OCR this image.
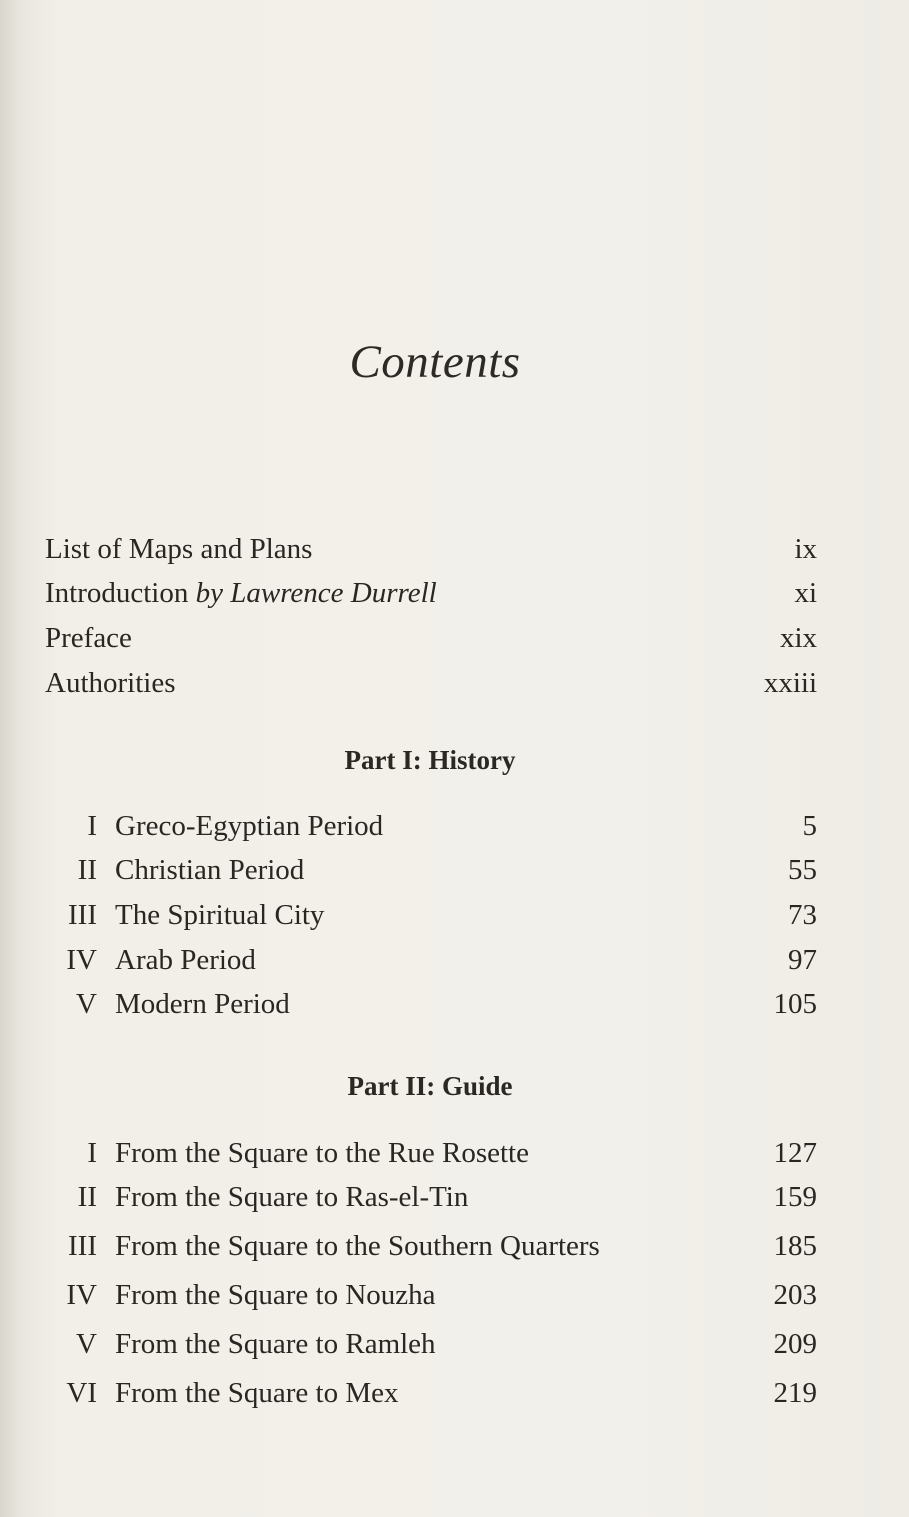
Contents
List of Maps and Plans	ix
Introduction by Lawrence Durrell	xi
Preface	xix
Authorities	xxiii
Part I: History
I Greco-Egyptian Period	5
II Christian Period	55
III The Spiritual City	73
IV Arab Period	97
V Modern Period	105
Part II: Guide
I From the Square to the Rue Rosette	127
II From the Square to Ras-el-Tin	159
III From the Square to the Southern Quarters	185
IV From the Square to Nouzha	203
V From the Square to Ramleh	209
VI From the Square to Mex	219
